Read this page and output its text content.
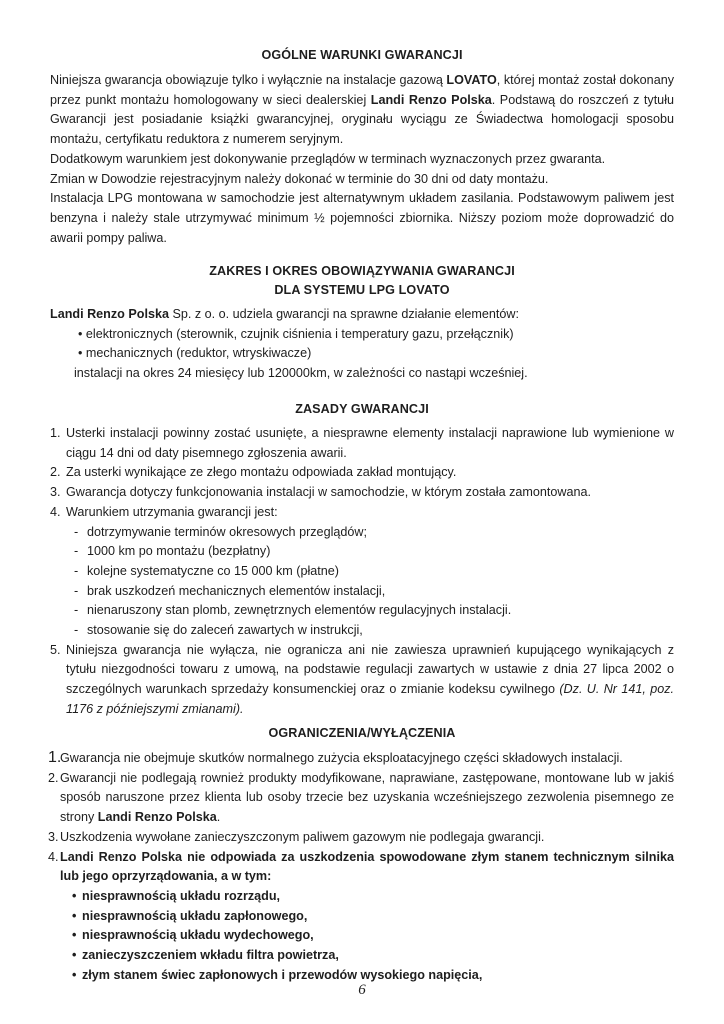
OGÓLNE WARUNKI GWARANCJI

Niniejsza gwarancja obowiązuje tylko i wyłącznie na instalacje gazową LOVATO, której montaż został dokonany przez punkt montażu homologowany w sieci dealerskiej Landi Renzo Polska. Podstawą do roszczeń z tytułu Gwarancji jest posiadanie książki gwarancyjnej, oryginału wyciągu ze Świadectwa homologacji sposobu montażu, certyfikatu reduktora z numerem seryjnym.

Dodatkowym warunkiem jest dokonywanie przeglądów w terminach wyznaczonych przez gwaranta.

Zmian w Dowodzie rejestracyjnym należy dokonać w terminie do 30 dni od daty montażu.

Instalacja LPG montowana w samochodzie jest alternatywnym układem zasilania. Podstawowym paliwem jest benzyna i należy stale utrzymywać minimum ½ pojemności zbiornika. Niższy poziom może doprowadzić do awarii pompy paliwa.

ZAKRES I OKRES OBOWIĄZYWANIA GWARANCJI
DLA SYSTEMU LPG LOVATO

Landi Renzo Polska Sp. z o. o. udziela gwarancji na sprawne działanie elementów:

• elektronicznych (sterownik, czujnik ciśnienia i temperatury gazu, przełącznik)

• mechanicznych (reduktor, wtryskiwacze)

instalacji na okres 24 miesięcy lub 120000km, w zależności co nastąpi wcześniej.

ZASADY GWARANCJI
1. Usterki instalacji powinny zostać usunięte, a niesprawne elementy instalacji naprawione lub wymienione w ciągu 14 dni od daty pisemnego zgłoszenia awarii.
2. Za usterki wynikające ze złego montażu odpowiada zakład montujący.
3. Gwarancja dotyczy funkcjonowania instalacji w samochodzie, w którym została zamontowana.
4. Warunkiem utrzymania gwarancji jest:
- dotrzymywanie terminów okresowych przeglądów;
- 1000 km po montażu (bezpłatny)
- kolejne systematyczne co 15 000 km (płatne)
- brak uszkodzeń mechanicznych elementów instalacji,
- nienaruszony stan plomb, zewnętrznych elementów regulacyjnych instalacji.
- stosowanie się do zaleceń zawartych w instrukcji,
5. Niniejsza gwarancja nie wyłącza, nie ogranicza ani nie zawiesza uprawnień kupującego wynikających z tytułu niezgodności towaru z umową, na podstawie regulacji zawartych w ustawie z dnia 27 lipca 2002 o szczególnych warunkach sprzedaży konsumenckiej oraz o zmianie kodeksu cywilnego (Dz. U. Nr 141, poz. 1176 z późniejszymi zmianami).
OGRANICZENIA/WYŁĄCZENIA
1.
Gwarancja nie obejmuje skutków normalnego zużycia eksploatacyjnego części składowych instalacji.
2. Gwarancji nie podlegają rownież produkty modyfikowane, naprawiane, zastępowane, montowane lub w jakiś sposób naruszone przez klienta lub osoby trzecie bez uzyskania wcześniejszego zezwolenia pisemnego ze strony Landi Renzo Polska.
3. Uszkodzenia wywołane zanieczyszczonym paliwem gazowym nie podlegaja gwarancji.
4. Landi Renzo Polska nie odpowiada za uszkodzenia spowodowane złym stanem technicznym silnika lub jego oprzyrządowania, a w tym:
• niesprawnością układu rozrządu,
• niesprawnością układu zapłonowego,
• niesprawnością układu wydechowego,
• zanieczyszczeniem wkładu filtra powietrza,
• złym stanem świec zapłonowych i przewodów wysokiego napięcia,
6
